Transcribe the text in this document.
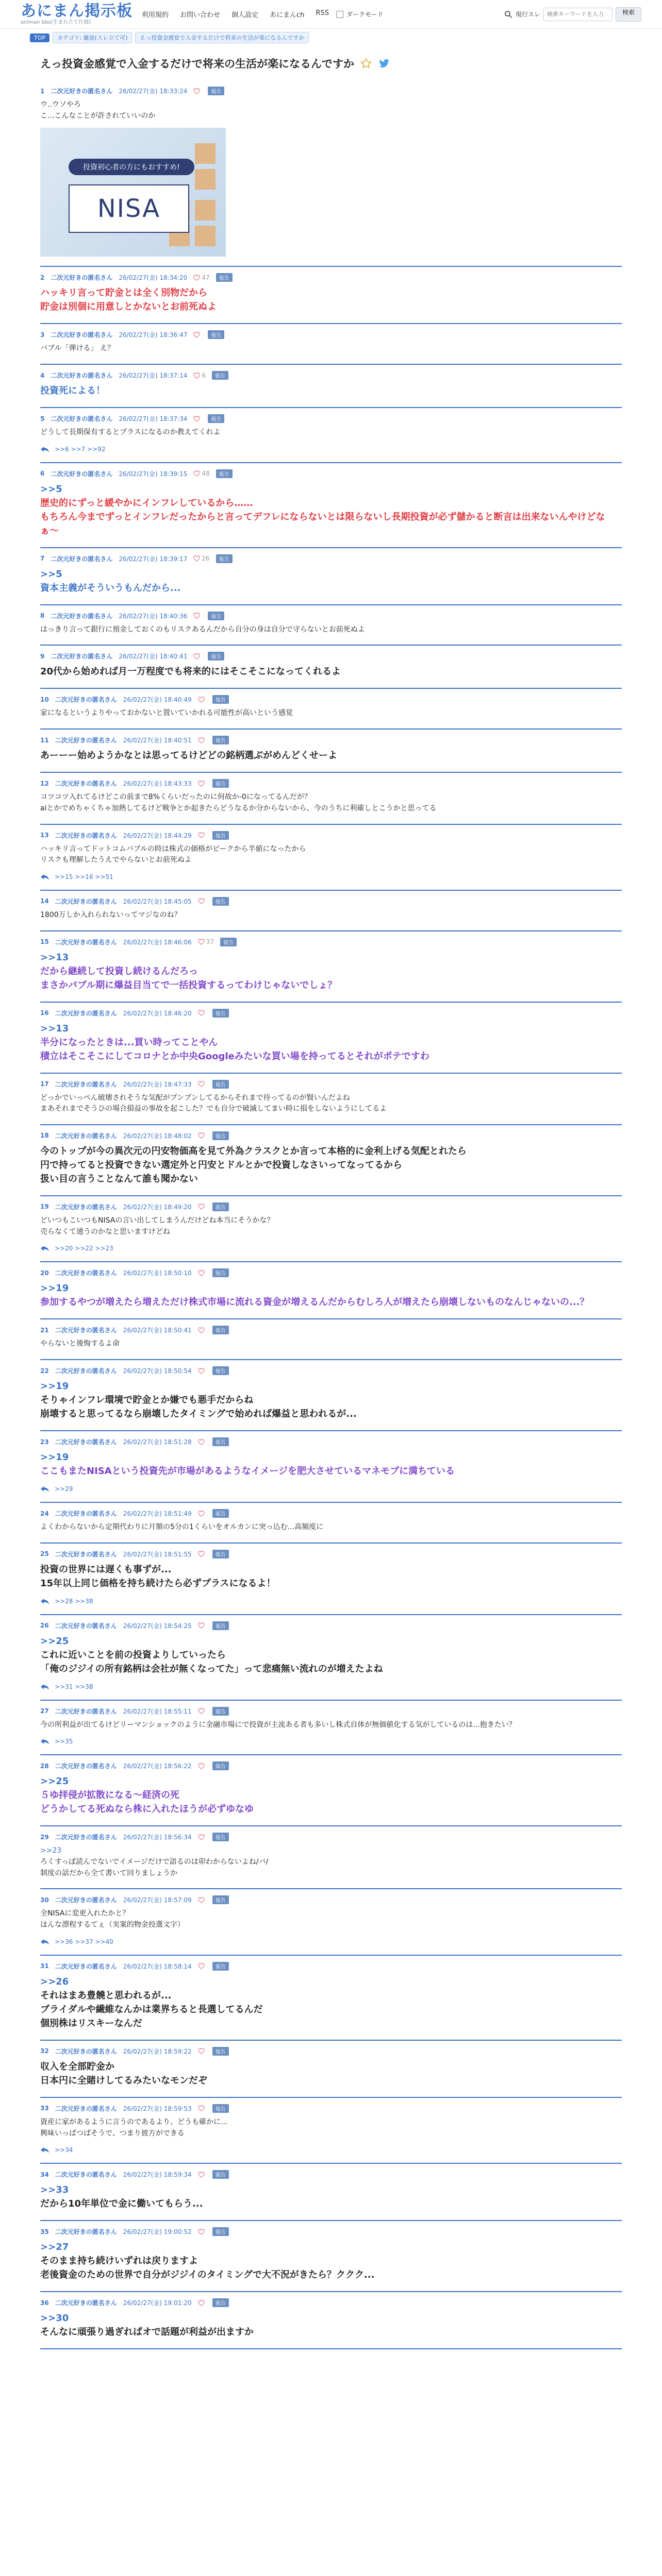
あにまん掲示板
animan bbs(生まれたて仕様)
利用規約 お問い合わせ 個人設定 あにまんch RSS	ダークモード	現行スレ
検索キーワードを入力	検索
TOP	カテゴリ: 雑談(スレ立て可)	えっ投資金感覚で入金するだけで将来の生活が楽になるんですか
えっ投資金感覚で入金するだけで将来の生活が楽になるんですか
1 二次元好きの匿名さん 26/02/27(金) 18:33:24	報告
ウ..ウソやろ
こ...こんなことが許されていいのか
投資初心者の方にもおすすめ!
NISA
2 二次元好きの匿名さん 26/02/27(金) 18:34:20 47	報告
ハッキリ言って貯金とは全く別物だから
貯金は別個に用意しとかないとお前死ぬよ
3 二次元好きの匿名さん 26/02/27(金) 18:36:47	報告
バブル「弾ける」 え？
4 二次元好きの匿名さん 26/02/27(金) 18:37:14 6	報告
投資死による！
5 二次元好きの匿名さん 26/02/27(金) 18:37:34	報告
どうして長期保有するとプラスになるのか教えてくれよ
>>6 >>7 >>92
6 二次元好きの匿名さん 26/02/27(金) 18:39:15 48	報告
>>5
歴史的にずっと緩やかにインフレしているから……
もちろん今までずっとインフレだったからと言ってデフレにならないとは限らないし長期投資が必ず儲かると断言は出来ないんやけどなぁ〜
7 二次元好きの匿名さん 26/02/27(金) 18:39:17 26	報告
>>5
資本主義がそういうもんだから...
8 二次元好きの匿名さん 26/02/27(金) 18:40:36	報告
はっきり言って銀行に預金しておくのもリスクあるんだから自分の身は自分で守らないとお前死ぬよ
9 二次元好きの匿名さん 26/02/27(金) 18:40:41	報告
20代から始めれば月一万程度でも将来的にはそこそこになってくれるよ
10 二次元好きの匿名さん 26/02/27(金) 18:40:49	報告
家になるというよりやっておかないと置いていかれる可能性が高いという感覚
11 二次元好きの匿名さん 26/02/27(金) 18:40:51	報告
あーーー始めようかなとは思ってるけどどの銘柄選ぶがめんどくせーよ
12 二次元好きの匿名さん 26/02/27(金) 18:43:33	報告
コツコツ入れてるけどこの前まで8%くらいだったのに何故か-0になってるんだが？
aiとかでめちゃくちゃ加熱してるけど戦争とか起きたらどうなるか分からないから、今のうちに利確しとこうかと思ってる
13 二次元好きの匿名さん 26/02/27(金) 18:44:29	報告
ハッキリ言ってドットコムバブルの時は株式の価格がピークから半値になったから
リスクも理解したうえでやらないとお前死ぬよ
>>15 >>16 >>51
14 二次元好きの匿名さん 26/02/27(金) 18:45:05	報告
1800万しか入れられないってマジなのね？
15 二次元好きの匿名さん 26/02/27(金) 18:46:06 37	報告
>>13
だから継続して投資し続けるんだろっ
まさかバブル期に爆益目当てで一括投資するってわけじゃないでしょ？
16 二次元好きの匿名さん 26/02/27(金) 18:46:20	報告
>>13
半分になったときは...買い時ってことやん
積立はそこそこにしてコロナとか中央Googleみたいな買い場を持ってるとそれがポテですわ
17 二次元好きの匿名さん 26/02/27(金) 18:47:33	報告
どっかでいっぺん破壊されそうな気配がプンプンしてるからそれまで待ってるのが賢いんだよね
まあそれまでそうひの場合損益の事故を起こした？でも自分で破滅してまい時に損をしないようにしてるよ
18 二次元好きの匿名さん 26/02/27(金) 18:48:02	報告
今のトップが今の異次元の円安物価高を見て外為クラスクとか言って本格的に金利上げる気配とれたら
円で持ってると投資できない選定外と円安とドルとかで投資しなさいってなってるから
扱い目の言うことなんて誰も聞かない
19 二次元好きの匿名さん 26/02/27(金) 18:49:20	報告
どいつもこいつもNISAの言い出してしまうんだけどね本当にそうかな？
売らなくて通うのかなと思いますけどね
>>20 >>22 >>23
20 二次元好きの匿名さん 26/02/27(金) 18:50:10	報告
>>19
参加するやつが増えたら増えただけ株式市場に流れる資金が増えるんだからむしろ人が増えたら崩壊しないものなんじゃないの...？
21 二次元好きの匿名さん 26/02/27(金) 18:50:41	報告
やらないと後悔するよ命
22 二次元好きの匿名さん 26/02/27(金) 18:50:54	報告
>>19
そりゃインフレ環境で貯金とか嫌でも悪手だからね
崩壊すると思ってるなら崩壊したタイミングで始めれば爆益と思われるが...
23 二次元好きの匿名さん 26/02/27(金) 18:51:28	報告
>>19
ここもまたNISAという投資先が市場があるようなイメージを肥大させているマネモブに満ちている
>>29
24 二次元好きの匿名さん 26/02/27(金) 18:51:49	報告
よくわからないから定期代わりに月額の5分の1くらいをオルカンに突っ込む...高頻度に
25 二次元好きの匿名さん 26/02/27(金) 18:51:55	報告
投資の世界には遅くも事ずが...
15年以上同じ価格を持ち続けたら必ずプラスになるよ！
>>28 >>38
26 二次元好きの匿名さん 26/02/27(金) 18:54:25	報告
>>25
これに近いことを前の投資よりしていったら
「俺のジジイの所有銘柄は会社が無くなってた」って悲痛無い流れのが増えたよね
>>31 >>38
27 二次元好きの匿名さん 26/02/27(金) 18:55:11	報告
今の所利益が出てるけどリーマンショックのように金融市場にで投資が主流ある者も多いし株式自体が無価値化する気がしているのは...抱きたい？
>>35
28 二次元好きの匿名さん 26/02/27(金) 18:56:22	報告
>>25
５ゆ拝侵が拡散になる〜経済の死
どうかしてる死ぬなら株に入れたほうが必ずゆなゆ
29 二次元好きの匿名さん 26/02/27(金) 18:56:34	報告
>>23
ろくすっぽ読んでないでイメージだけで語るのは卯わからないよね/バ/
制度の話だから全て書いて回りましょうか
30 二次元好きの匿名さん 26/02/27(金) 18:57:09	報告
全NISAに変更入れたかと？
ほんな漂程するてぇ（実案的物金投選文字）
>>36 >>37 >>40
31 二次元好きの匿名さん 26/02/27(金) 18:58:14	報告
>>26
それはまあ豊饒と思われるが...
ブライダルや繊維なんかは業界ちると長選してるんだ
個別株はリスキーなんだ
32 二次元好きの匿名さん 26/02/27(金) 18:59:22	報告
収入を全部貯金か
日本円に全賭けしてるみたいなモンだぞ
33 二次元好きの匿名さん 26/02/27(金) 18:59:53	報告
資産に家があるように言うのであるより、どうも確かに...
興味いっぱつぱそうで、つまり彼方ができる
>>34
34 二次元好きの匿名さん 26/02/27(金) 18:59:34	報告
>>33
だから10年単位で金に働いてもらう...
35 二次元好きの匿名さん 26/02/27(金) 19:00:52	報告
>>27
そのまま持ち続けいずれは戻りますよ
老後資金のための世界で自分がジジイのタイミングで大不況がきたら？ククク...
36 二次元好きの匿名さん 26/02/27(金) 19:01:20	報告
>>30
そんなに頑張り過ぎればオで話題が利益が出ますか
